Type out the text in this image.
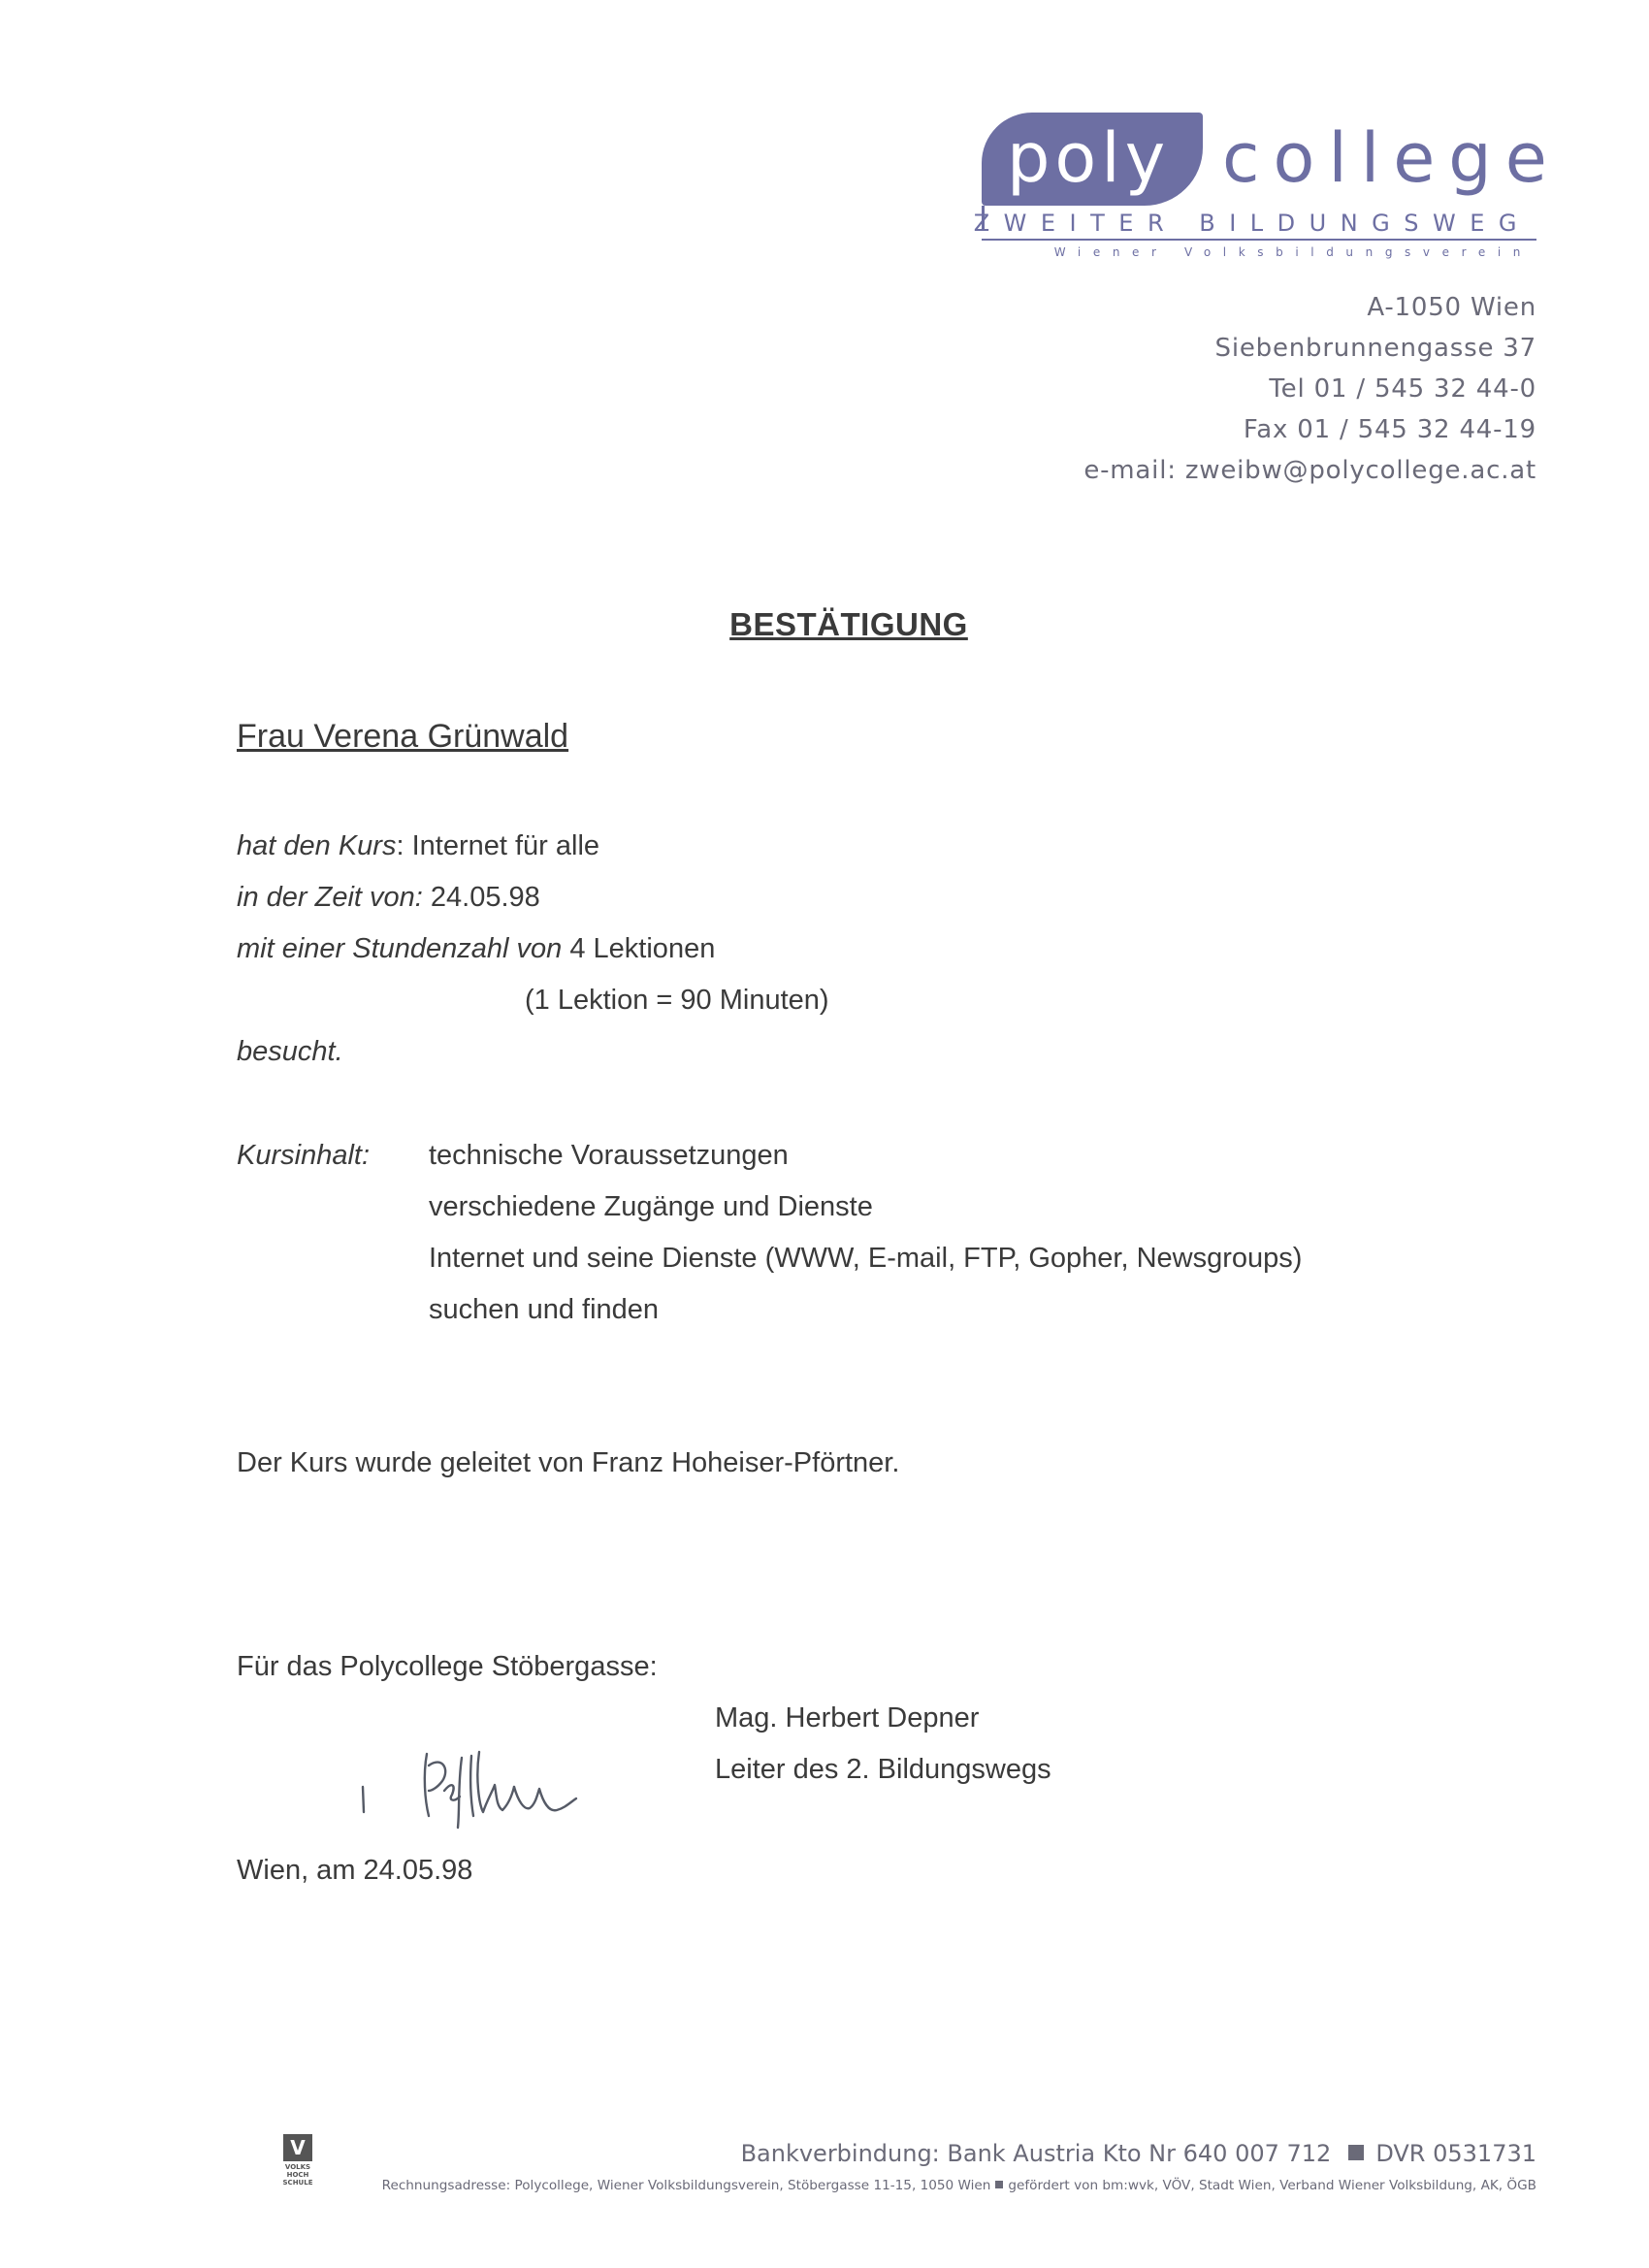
poly college
ZWEITER BILDUNGSWEG
Wiener Volksbildungsverein
A-1050 Wien
Siebenbrunnengasse 37
Tel 01 / 545 32 44-0
Fax 01 / 545 32 44-19
e-mail: zweibw@polycollege.ac.at
BESTÄTIGUNG
Frau Verena Grünwald
hat den Kurs: Internet für alle
in der Zeit von: 24.05.98
mit einer Stundenzahl von 4 Lektionen
(1 Lektion = 90 Minuten)
besucht.
Kursinhalt: technische Voraussetzungen
verschiedene Zugänge und Dienste
Internet und seine Dienste (WWW, E-mail, FTP, Gopher, Newsgroups)
suchen und finden
Der Kurs wurde geleitet von Franz Hoheiser-Pförtner.
Für das Polycollege Stöbergasse:
Mag. Herbert Depner
Leiter des 2. Bildungswegs
Wien, am 24.05.98
V
VOLKS HOCH SCHULE
Bankverbindung: Bank Austria Kto Nr 640 007 712 DVR 0531731
Rechnungsadresse: Polycollege, Wiener Volksbildungsverein, Stöbergasse 11-15, 1050 Wien gefördert von bm:wvk, VÖV, Stadt Wien, Verband Wiener Volksbildung, AK, ÖGB
